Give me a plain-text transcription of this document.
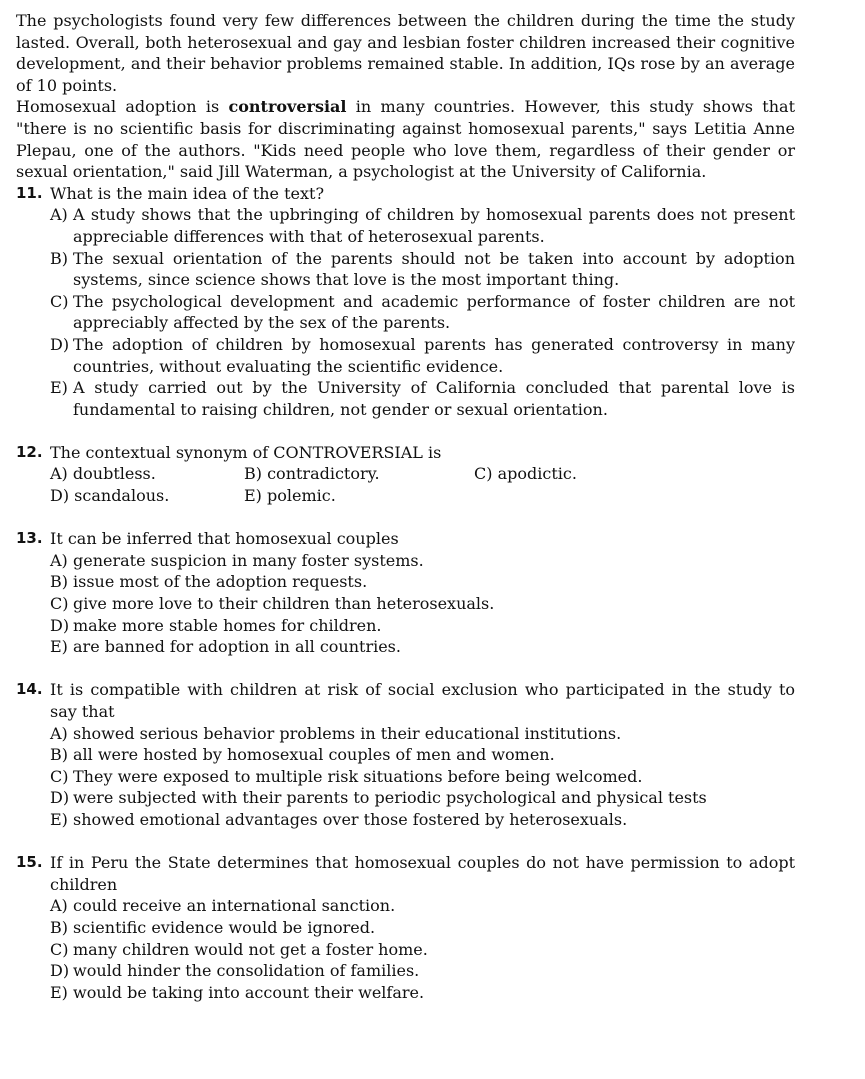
The psychologists found very few differences between the children during the time the study lasted. Overall, both heterosexual and gay and lesbian foster children increased their cognitive development, and their behavior problems remained stable. In addition, IQs rose by an average of 10 points.

Homosexual adoption is controversial in many countries. However, this study shows that "there is no scientific basis for discriminating against homosexual parents," says Letitia Anne Plepau, one of the authors. "Kids need people who love them, regardless of their gender or sexual orientation," said Jill Waterman, a psychologist at the University of California.

11. What is the main idea of the text?

A) A study shows that the upbringing of children by homosexual parents does not present appreciable differences with that of heterosexual parents.
B) The sexual orientation of the parents should not be taken into account by adoption systems, since science shows that love is the most important thing.
C) The psychological development and academic performance of foster children are not appreciably affected by the sex of the parents.
D) The adoption of children by homosexual parents has generated controversy in many countries, without evaluating the scientific evidence.
E) A study carried out by the University of California concluded that parental love is fundamental to raising children, not gender or sexual orientation.
12. The contextual synonym of CONTROVERSIAL is

A) doubtless.	B) contradictory.	C) apodictic.
D) scandalous.	E) polemic.
13. It can be inferred that homosexual couples

A) generate suspicion in many foster systems.
B) issue most of the adoption requests.
C) give more love to their children than heterosexuals.
D) make more stable homes for children.
E) are banned for adoption in all countries.
14. It is compatible with children at risk of social exclusion who participated in the study to say that

A) showed serious behavior problems in their educational institutions.
B) all were hosted by homosexual couples of men and women.
C) They were exposed to multiple risk situations before being welcomed.
D) were subjected with their parents to periodic psychological and physical tests
E) showed emotional advantages over those fostered by heterosexuals.
15. If in Peru the State determines that homosexual couples do not have permission to adopt children

A) could receive an international sanction.
B) scientific evidence would be ignored.
C) many children would not get a foster home.
D) would hinder the consolidation of families.
E) would be taking into account their welfare.
